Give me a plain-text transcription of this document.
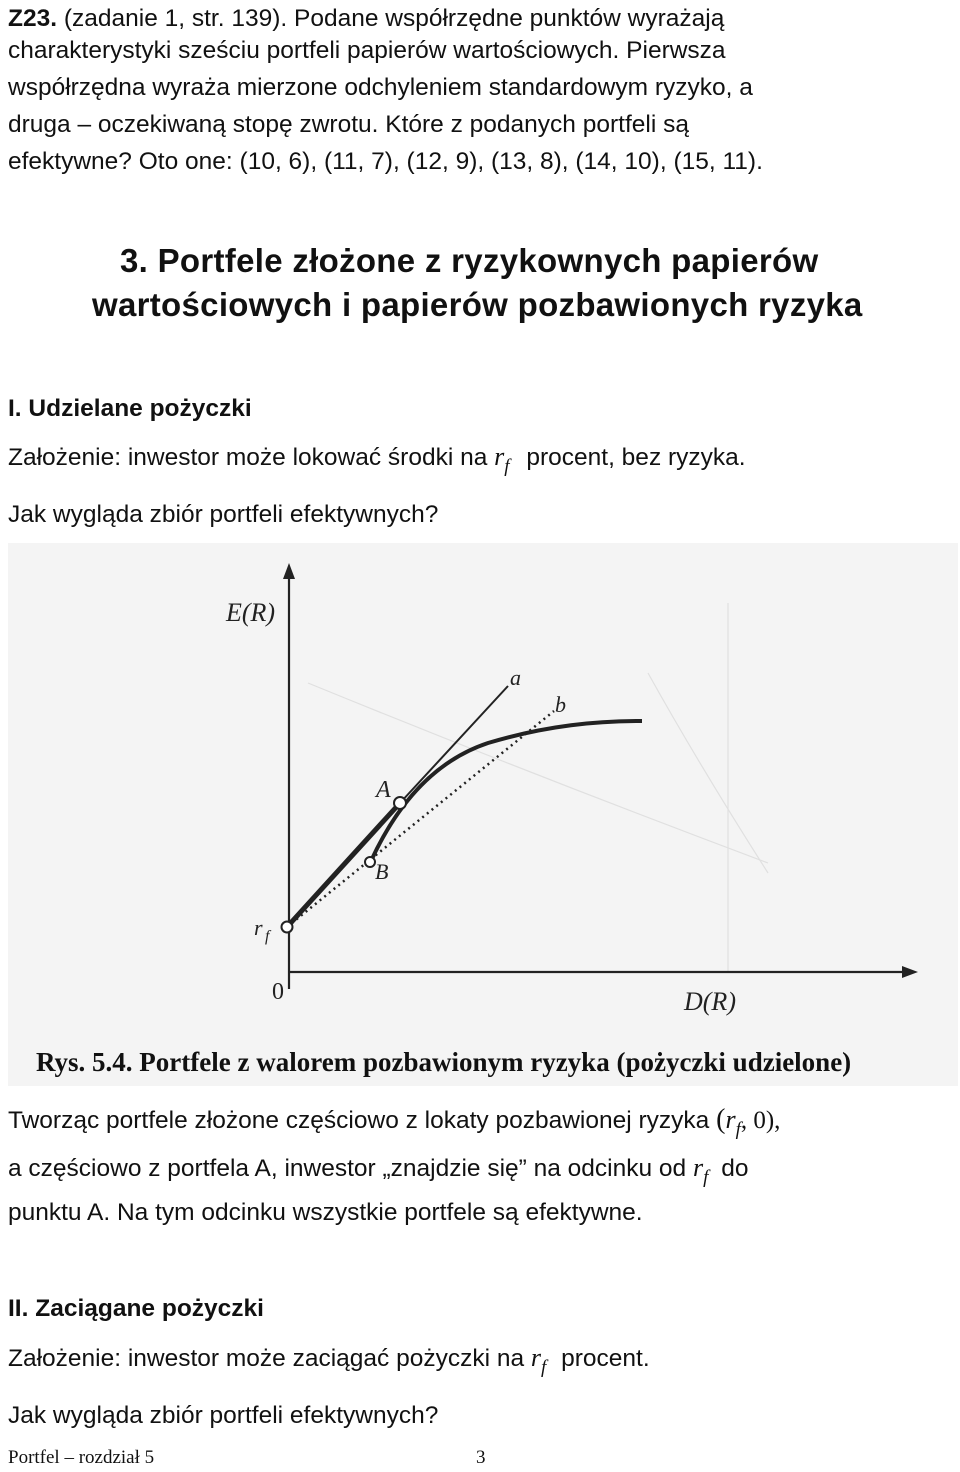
Z23. (zadanie 1, str. 139). Podane współrzędne punktów wyrażają
charakterystyki sześciu portfeli papierów wartościowych. Pierwsza
współrzędna wyraża mierzone odchyleniem standardowym ryzyko, a
druga – oczekiwaną stopę zwrotu. Które z podanych portfeli są
efektywne? Oto one: (10, 6), (11, 7), (12, 9), (13, 8), (14, 10), (15, 11).
3. Portfele złożone z ryzykownych papierów
wartościowych i papierów pozbawionych ryzyka
I. Udzielane pożyczki
Założenie: inwestor może lokować środki na $r_f$ procent, bez ryzyka.
Jak wygląda zbiór portfeli efektywnych?
E(R)
D(R)
0
r f
A
B
a
b
Rys. 5.4. Portfele z walorem pozbawionym ryzyka (pożyczki udzielone)
Tworząc portfele złożone częściowo z lokaty pozbawionej ryzyka ($r_f$, 0),
a częściowo z portfela A, inwestor „znajdzie się” na odcinku od $r_f$ do
punktu A. Na tym odcinku wszystkie portfele są efektywne.
II. Zaciągane pożyczki
Założenie: inwestor może zaciągać pożyczki na $r_f$ procent.
Jak wygląda zbiór portfeli efektywnych?
Portfel – rozdział 5	3
